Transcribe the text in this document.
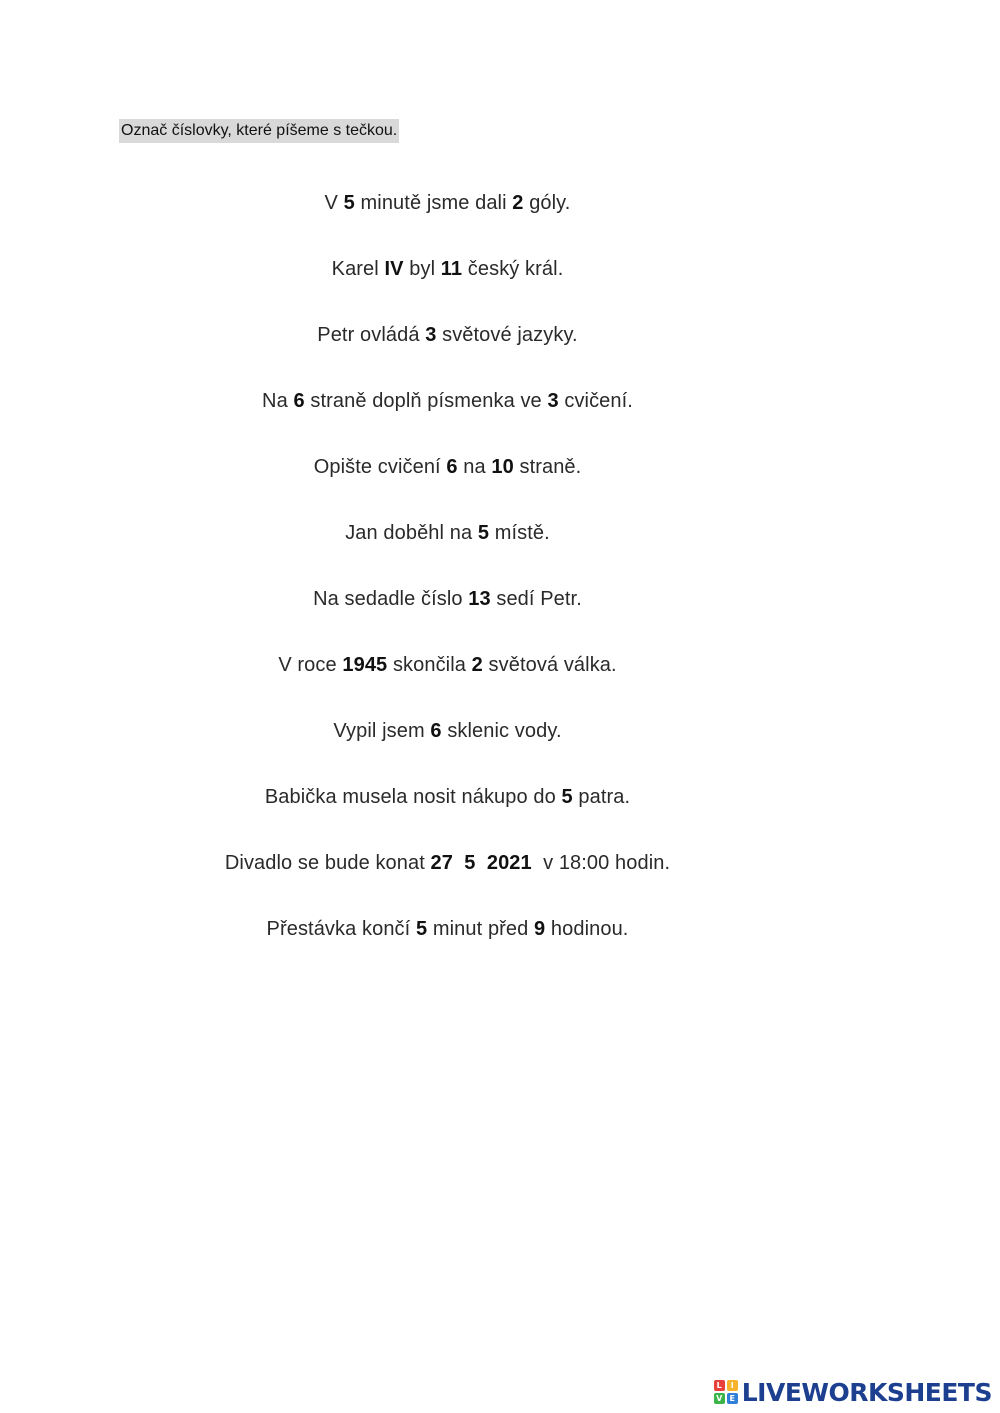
Označ číslovky, které píšeme s tečkou.
V 5 minutě jsme dali 2 góly.
Karel IV byl 11 český král.
Petr ovládá 3 světové jazyky.
Na 6 straně doplň písmenka ve 3 cvičení.
Opište cvičení 6 na 10 straně.
Jan doběhl na 5 místě.
Na sedadle číslo 13 sedí Petr.
V roce 1945 skončila 2 světová válka.
Vypil jsem 6 sklenic vody.
Babička musela nosit nákupo do 5 patra.
Divadlo se bude konat 27  5  2021  v 18:00 hodin.
Přestávka končí 5 minut před 9 hodinou.
L	I
V E LIVEWORKSHEETS
